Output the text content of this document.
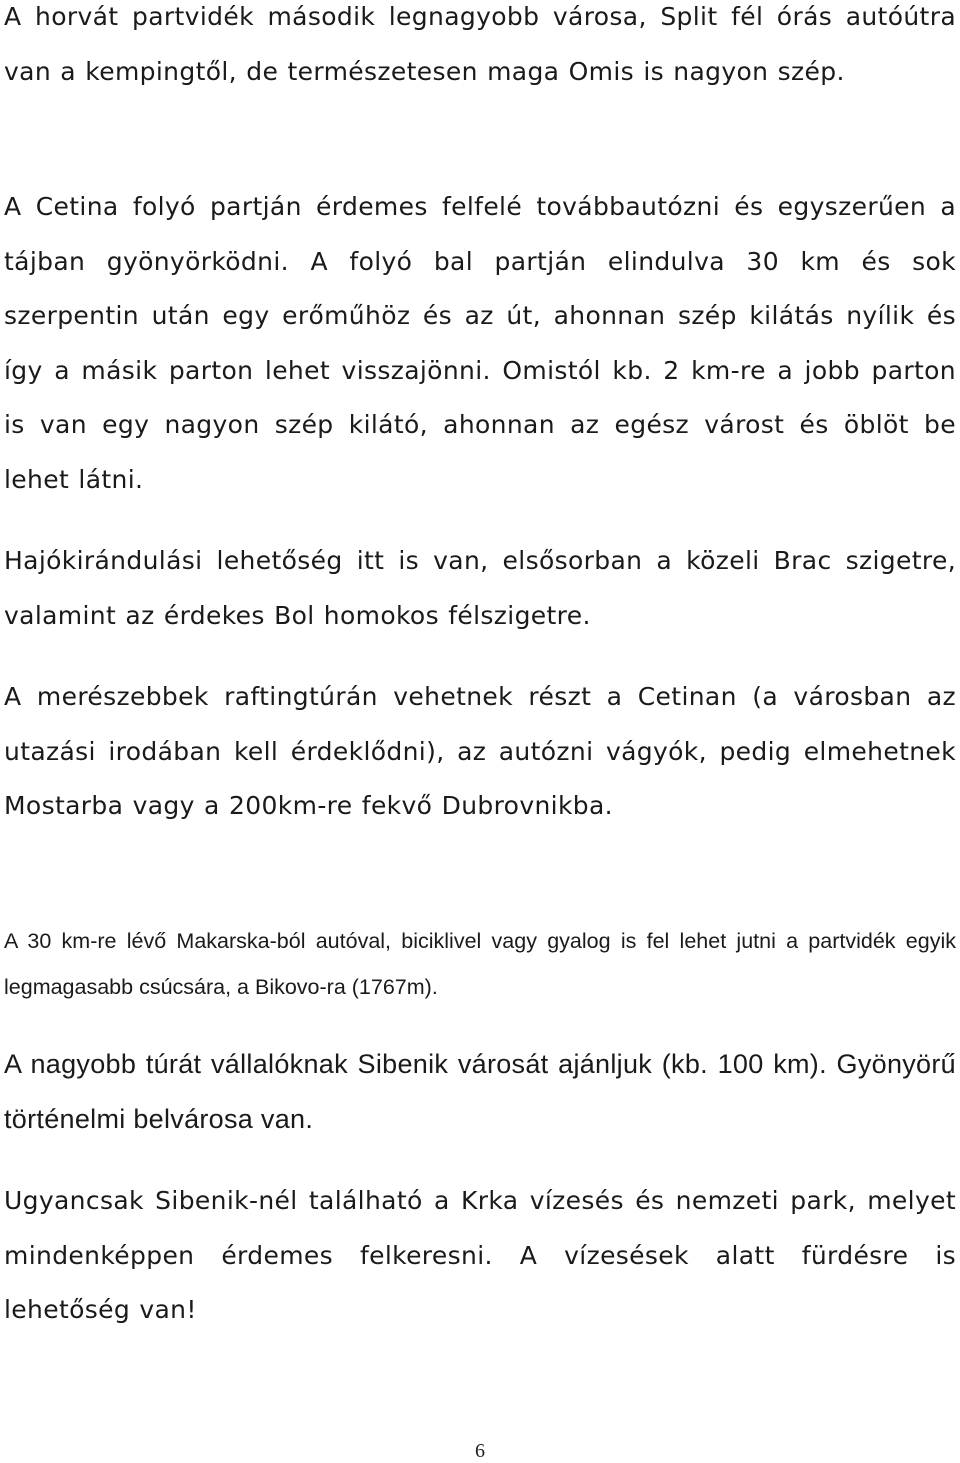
A horvát partvidék második legnagyobb városa, Split fél órás autóútra van a kempingtől, de természetesen maga Omis is nagyon szép.

A Cetina folyó partján érdemes felfelé továbbautózni és egyszerűen a tájban gyönyörködni. A folyó bal partján elindulva 30 km és sok szerpentin után egy erőműhöz és az út, ahonnan szép kilátás nyílik és így a másik parton lehet visszajönni. Omistól kb. 2 km-re a jobb parton is van egy nagyon szép kilátó, ahonnan az egész várost és öblöt be lehet látni.

Hajókirándulási lehetőség itt is van, elsősorban a közeli Brac szigetre, valamint az érdekes Bol homokos félszigetre.

A merészebbek raftingtúrán vehetnek részt a Cetinan (a városban az utazási irodában kell érdeklődni), az autózni vágyók, pedig elmehetnek Mostarba vagy a 200km-re fekvő Dubrovnikba.

A 30 km-re lévő Makarska-ból autóval, biciklivel vagy gyalog is fel lehet jutni a partvidék egyik legmagasabb csúcsára, a Bikovo-ra (1767m).

A nagyobb túrát vállalóknak Sibenik városát ajánljuk (kb. 100 km). Gyönyörű történelmi belvárosa van.

Ugyancsak Sibenik-nél található a Krka vízesés és nemzeti park, melyet mindenképpen érdemes felkeresni. A vízesések alatt fürdésre is lehetőség van!

6
